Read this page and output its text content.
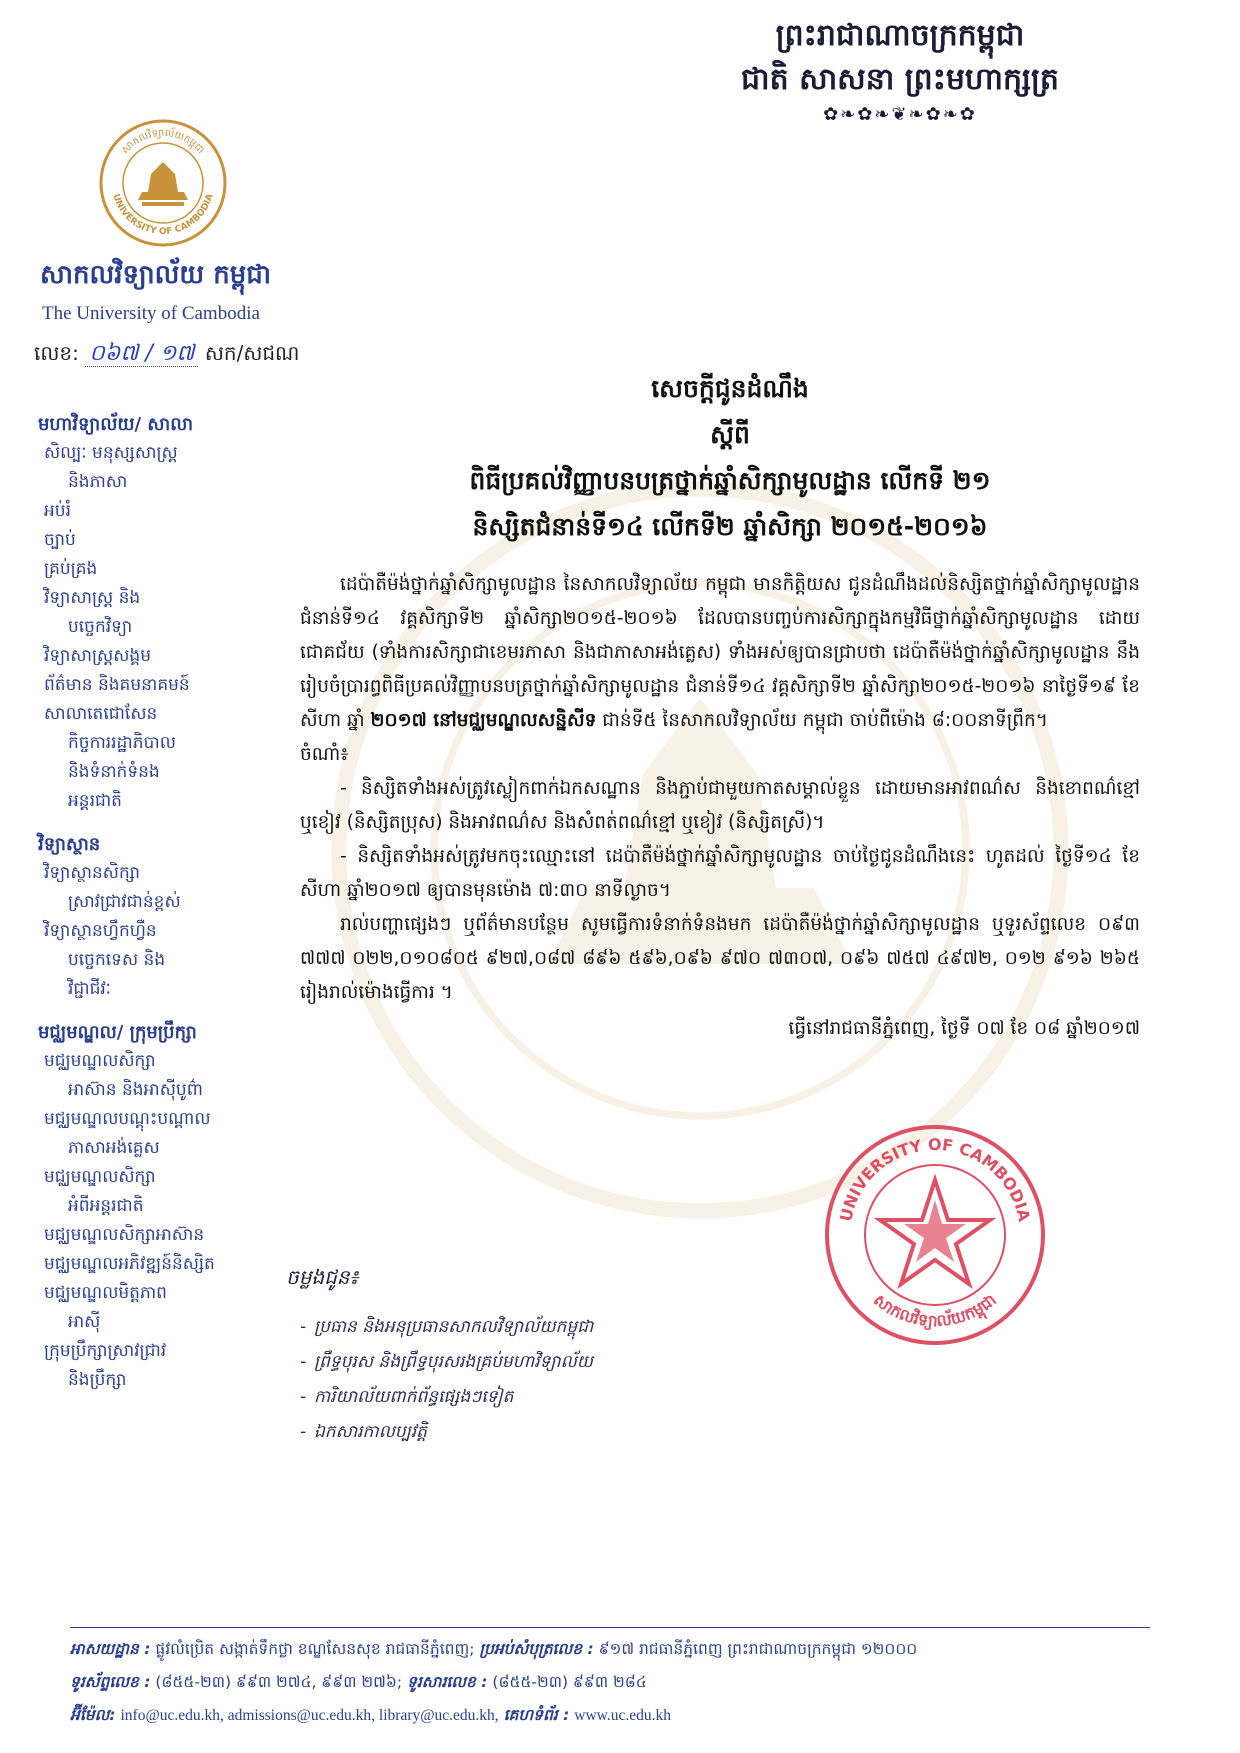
ព្រះរាជាណាចក្រកម្ពុជា
ជាតិ សាសនា ព្រះមហាក្សត្រ
✿❧✿❧❦❧✿❧✿
សាកលវិទ្យាល័យកម្ពុជា
UNIVERSITY OF CAMBODIA
សាកលវិទ្យាល័យ កម្ពុជា
The University of Cambodia
លេខ: ០៦៧ / ១៧ សក/សជណ
មហាវិទ្យាល័យ/ សាលា
សិល្បៈ មនុស្សសាស្ត្រ
និងភាសា
អប់រំ
ច្បាប់
គ្រប់គ្រង
វិទ្យាសាស្ត្រ និង
បច្ចេកវិទ្យា
វិទ្យាសាស្ត្រសង្គម
ព័ត៌មាន និងគមនាគមន៍
សាលាតេជោសែន
កិច្ចការរដ្ឋាភិបាល
និងទំនាក់ទំនង
អន្តរជាតិ
វិទ្យាស្ថាន
វិទ្យាស្ថានសិក្សា
ស្រាវជ្រាវជាន់ខ្ពស់
វិទ្យាស្ថានហ្វឹកហ្វឺន
បច្ចេកទេស និង
វិជ្ជាជីវៈ
មជ្ឈមណ្ឌល/ ក្រុមប្រឹក្សា
មជ្ឈមណ្ឌលសិក្សា
អាស៊ាន និងអាស៊ីបូព៌ា
មជ្ឈមណ្ឌលបណ្តុះបណ្តាល
ភាសាអង់គ្លេស
មជ្ឈមណ្ឌលសិក្សា
អំពីអន្តរជាតិ
មជ្ឈមណ្ឌលសិក្សាអាស៊ាន
មជ្ឈមណ្ឌលអភិវឌ្ឍន៍និស្សិត
មជ្ឈមណ្ឌលមិត្តភាព
អាស៊ី
ក្រុមប្រឹក្សាស្រាវជ្រាវ
និងប្រឹក្សា
សេចក្តីជូនដំណឹង
ស្តីពី
ពិធីប្រគល់វិញ្ញាបនបត្រថ្នាក់ឆ្នាំសិក្សាមូលដ្ឋាន លើកទី ២១
និស្សិតជំនាន់ទី១៤ លើកទី២ ឆ្នាំសិក្សា ២០១៥-២០១៦

ដេប៉ាតឺម៉ង់ថ្នាក់ឆ្នាំសិក្សាមូលដ្ឋាន នៃសាកលវិទ្យាល័យ កម្ពុជា មានកិត្តិយស ជូនដំណឹងដល់និស្សិតថ្នាក់ឆ្នាំសិក្សាមូលដ្ឋាន ជំនាន់ទី១៤ វគ្គសិក្សាទី២ ឆ្នាំសិក្សា២០១៥-២០១៦ ដែលបានបញ្ចប់ការសិក្សាក្នុងកម្មវិធីថ្នាក់ឆ្នាំសិក្សាមូលដ្ឋាន ដោយជោគជ័យ (ទាំងការសិក្សាជាខេមរភាសា និងជាភាសាអង់គ្លេស) ទាំងអស់ឲ្យបានជ្រាបថា ដេប៉ាតឺម៉ង់ថ្នាក់ឆ្នាំសិក្សាមូលដ្ឋាន នឹងរៀបចំប្រារព្ធពិធីប្រគល់វិញ្ញាបនបត្រថ្នាក់ឆ្នាំសិក្សាមូលដ្ឋាន ជំនាន់ទី១៤ វគ្គសិក្សាទី២ ឆ្នាំសិក្សា២០១៥-២០១៦ នាថ្ងៃទី១៩ ខែសីហា ឆ្នាំ ២០១៧ នៅមជ្ឈមណ្ឌលសន្និសីទ ជាន់ទី៥ នៃសាកលវិទ្យាល័យ កម្ពុជា ចាប់ពីម៉ោង ៨:០០នាទីព្រឹក។

ចំណាំ៖

- និស្សិតទាំងអស់ត្រូវស្លៀកពាក់ឯកសណ្ឋាន និងភ្ជាប់ជាមួយកាតសម្គាល់ខ្លួន ដោយមានអាវពណ៌ស និងខោពណ៌ខ្មៅ ឬខៀវ (និស្សិតប្រុស) និងអាវពណ៌ស និងសំពត់ពណ៌ខ្មៅ ឬខៀវ (និស្សិតស្រី)។

- និស្សិតទាំងអស់ត្រូវមកចុះឈ្មោះនៅ ដេប៉ាតឺម៉ង់ថ្នាក់ឆ្នាំសិក្សាមូលដ្ឋាន ចាប់ថ្ងៃជូនដំណឹងនេះ ហូតដល់ ថ្ងៃទី១៤ ខែសីហា ឆ្នាំ២០១៧ ឲ្យបានមុនម៉ោង ៧:៣០ នាទីល្ងាច។

រាល់បញ្ហាផ្សេងៗ ឬព័ត៌មានបន្ថែម សូមធ្វើការទំនាក់ទំនងមក ដេប៉ាតឺម៉ង់ថ្នាក់ឆ្នាំសិក្សាមូលដ្ឋាន ឬទូរស័ព្ទលេខ ០៩៣ ៧៧៧ ០២២,០១០៨០៥ ៩២៧,០៨៧ ៨៩៦ ៥៩៦,០៩៦ ៩៧០ ៧៣០៧, ០៩៦ ៧៥៧ ៤៩៧២, ០១២ ៩១៦ ២៦៥ រៀងរាល់ម៉ោងធ្វើការ ។

ធ្វើនៅរាជធានីភ្នំពេញ, ថ្ងៃទី ០៧ ខែ ០៨ ឆ្នាំ២០១៧

UNIVERSITY OF CAMBODIA
សាកលវិទ្យាល័យកម្ពុជា
ចម្លងជូន៖
- ប្រធាន និងអនុប្រធានសាកលវិទ្យាល័យកម្ពុជា
- ព្រឹទ្ធបុរស និងព្រឹទ្ធបុរសរងគ្រប់មហាវិទ្យាល័យ
- ការិយាល័យពាក់ព័ន្ធផ្សេងៗទៀត
- ឯកសារកាលប្បវត្តិ
អាសយដ្ឋាន : ផ្លូវលំប្រេិត សង្កាត់ទឹកថ្លា ខណ្ឌសែនសុខ រាជធានីភ្នំពេញ; ប្រអប់សំបុត្រលេខ : ៩១៧ រាជធានីភ្នំពេញ ព្រះរាជាណាចក្រកម្ពុជា ១២០០០
ទូរស័ព្ទលេខ : (៨៥៥-២៣) ៩៩៣ ២៧៤, ៩៩៣ ២៧៦; ទូរសារលេខ : (៨៥៥-២៣) ៩៩៣ ២៨៤
អ៊ីម៉ែល: info@uc.edu.kh, admissions@uc.edu.kh, library@uc.edu.kh, គេហទំព័រ : www.uc.edu.kh
